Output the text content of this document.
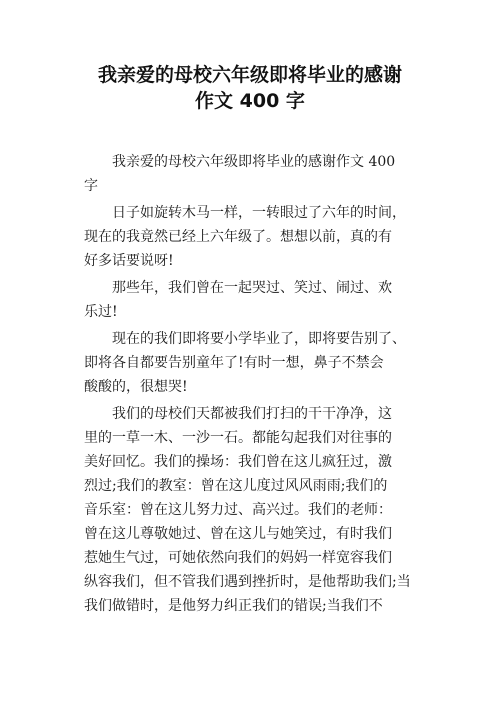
我亲爱的母校六年级即将毕业的感谢
作文 400 字
我亲爱的母校六年级即将毕业的感谢作文 400
字
日子如旋转木马一样，一转眼过了六年的时间，
现在的我竟然已经上六年级了。想想以前，真的有
好多话要说呀!
那些年，我们曾在一起哭过、笑过、闹过、欢
乐过!
现在的我们即将要小学毕业了，即将要告别了、
即将各自都要告别童年了!有时一想，鼻子不禁会
酸酸的，很想哭!
我们的母校们天都被我们打扫的干干净净，这
里的一草一木、一沙一石。都能勾起我们对往事的
美好回忆。我们的操场：我们曾在这儿疯狂过，激
烈过;我们的教室：曾在这儿度过风风雨雨;我们的
音乐室：曾在这儿努力过、高兴过。我们的老师：
曾在这儿尊敬她过、曾在这儿与她笑过，有时我们
惹她生气过，可她依然向我们的妈妈一样宽容我们
纵容我们，但不管我们遇到挫折时，是他帮助我们;当
我们做错时，是他努力纠正我们的错误;当我们不
